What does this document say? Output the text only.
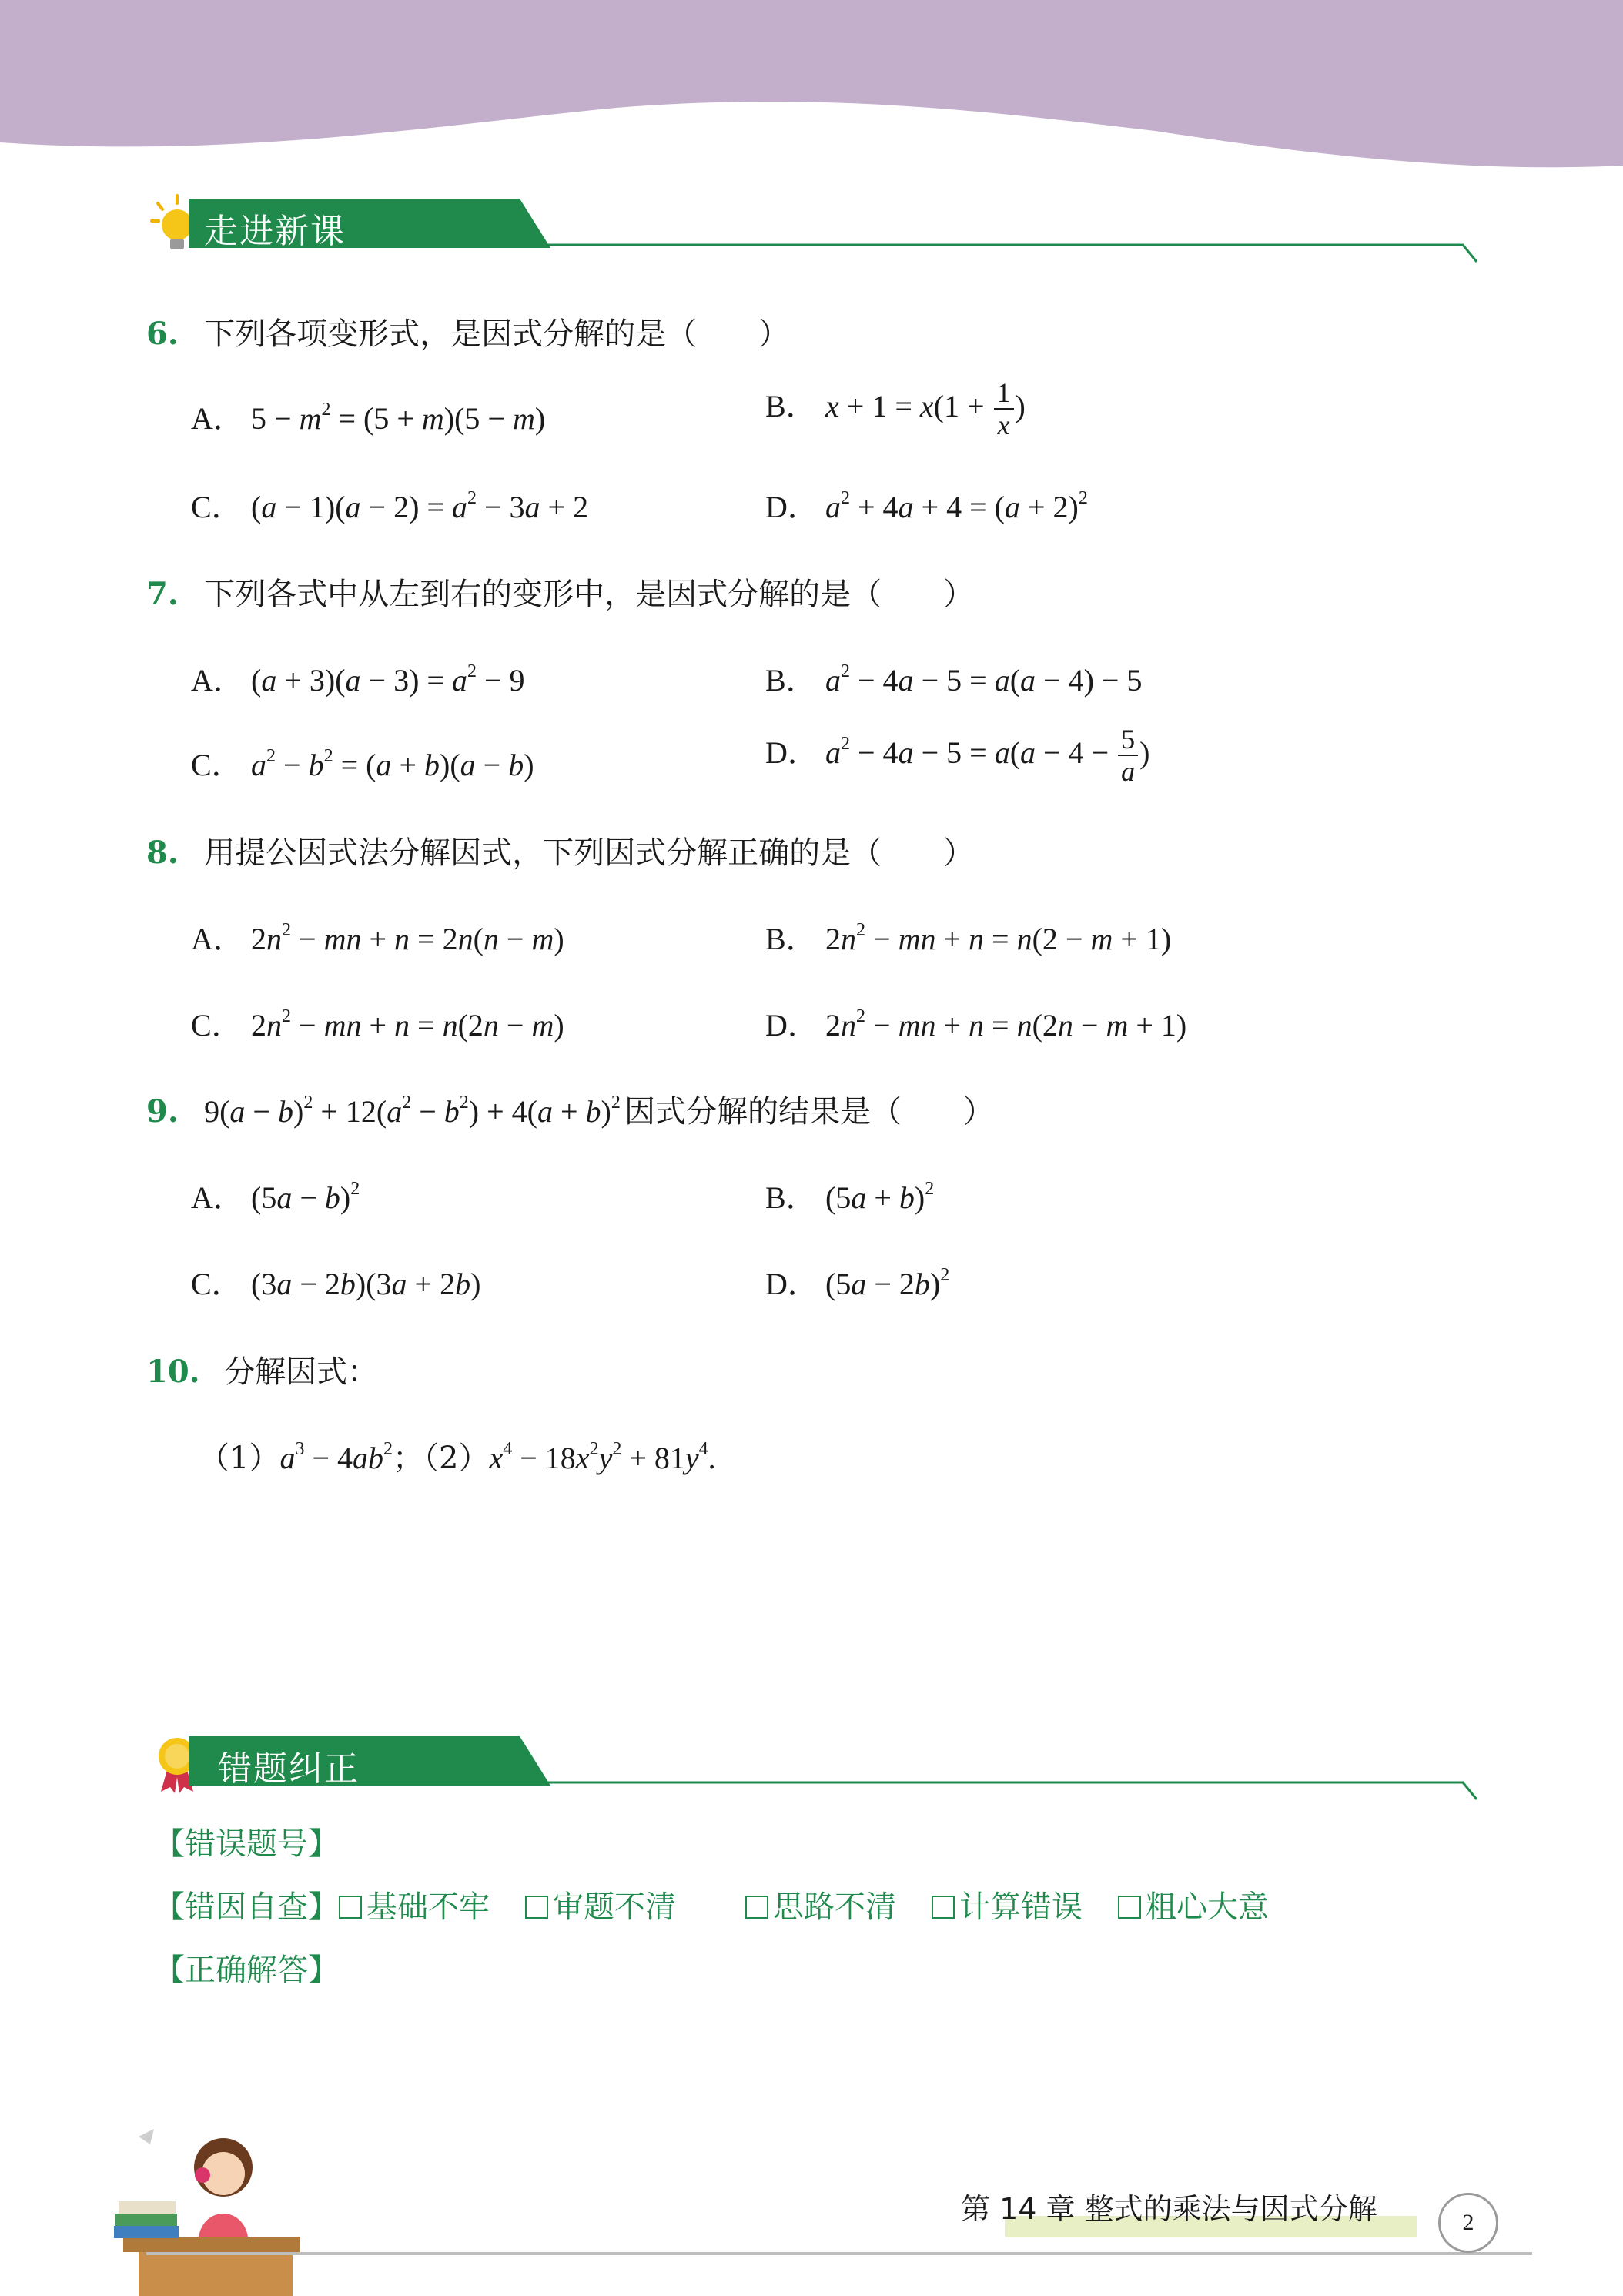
走进新课
6. 下列各项变形式，是因式分解的是（　　）
A． $5 - m^2 = (5 + m)(5 - m)$	B． $x + 1 = x(1 + \frac{1}{x}$ )
C． $(a - 1)(a - 2) = a^2 - 3a + 2$	D． $a^2 + 4a + 4 = (a + 2)^2$
7. 下列各式中从左到右的变形中，是因式分解的是（　　）
A． $(a + 3)(a - 3) = a^2 - 9$	B． $a^2 - 4a - 5 = a(a - 4) - 5$
C． $a^2 - b^2 = (a + b)(a - b)$	D． $a^2 - 4a - 5 = a(a - 4 - \frac{5}{a}$ )
8. 用提公因式法分解因式，下列因式分解正确的是（　　）
A． $2n^2$ − mn + n = 2n(n − m)	B． $2n^2$ − mn + n = n(2 − m + 1)
C． $2n^2$ − mn + n = n(2n − m)	D． $2n^2$ − mn + n = n(2n − m + 1)
9. $9(a - b)^2 + 12(a^2 - b^2) + 4(a + b)^2$ 因式分解的结果是（　　）
A． $(5a - b)^2$	B． $(5a + b)^2$
C． (3a − 2b)(3a + 2b)	D． $(5a - 2b)^2$
10. 分解因式：
$(1)a^3 - 4ab^2$；$(2)x^4 - 18x^2y^2 + 81y^4$.
错题纠正
【错误题号】
【错因自查】 基础不牢 审题不清	思路不清 计算错误 粗心大意
【正确解答】
第 14 章 整式的乘法与因式分解	2
